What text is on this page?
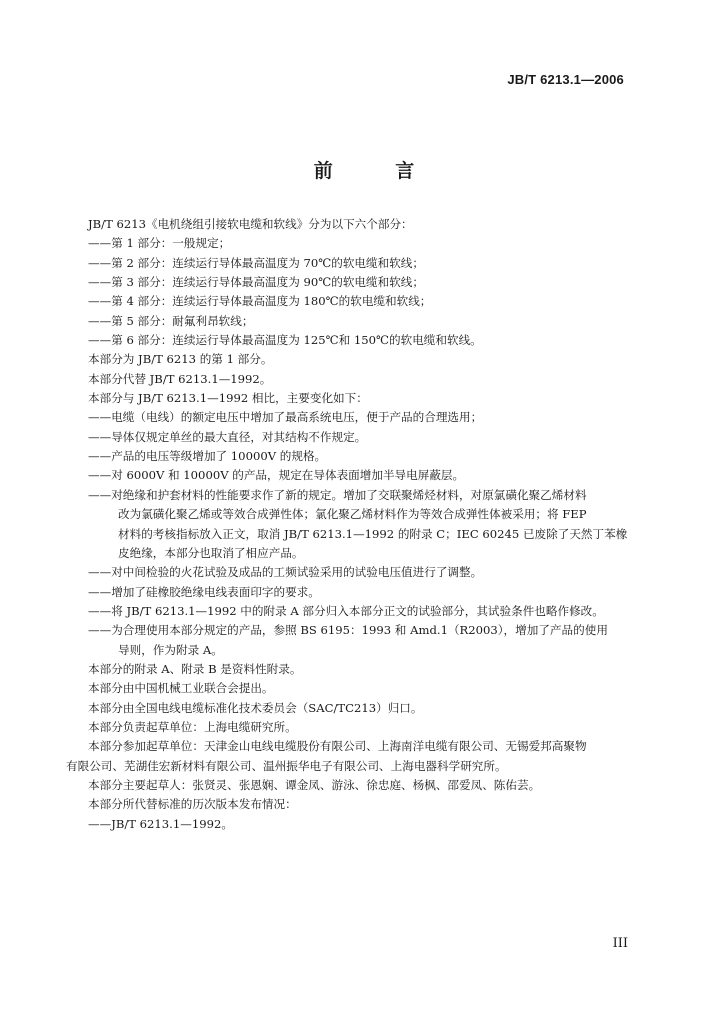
JB/T 6213.1—2006
前 言
JB/T 6213《电机绕组引接软电缆和软线》分为以下六个部分：
——第 1 部分：一般规定；
——第 2 部分：连续运行导体最高温度为 70℃的软电缆和软线；
——第 3 部分：连续运行导体最高温度为 90℃的软电缆和软线；
——第 4 部分：连续运行导体最高温度为 180℃的软电缆和软线；
——第 5 部分：耐氟利昂软线；
——第 6 部分：连续运行导体最高温度为 125℃和 150℃的软电缆和软线。
本部分为 JB/T 6213 的第 1 部分。
本部分代替 JB/T 6213.1—1992。
本部分与 JB/T 6213.1—1992 相比，主要变化如下：
——电缆（电线）的额定电压中增加了最高系统电压，便于产品的合理选用；
——导体仅规定单丝的最大直径，对其结构不作规定。
——产品的电压等级增加了 10000V 的规格。
——对 6000V 和 10000V 的产品，规定在导体表面增加半导电屏蔽层。
——对绝缘和护套材料的性能要求作了新的规定。增加了交联聚烯烃材料，对原氯磺化聚乙烯材料
改为氯磺化聚乙烯或等效合成弹性体；氯化聚乙烯材料作为等效合成弹性体被采用；将 FEP
材料的考核指标放入正文，取消 JB/T 6213.1—1992 的附录 C；IEC 60245 已废除了天然丁苯橡
皮绝缘，本部分也取消了相应产品。
——对中间检验的火花试验及成品的工频试验采用的试验电压值进行了调整。
——增加了硅橡胶绝缘电线表面印字的要求。
——将 JB/T 6213.1—1992 中的附录 A 部分归入本部分正文的试验部分，其试验条件也略作修改。
——为合理使用本部分规定的产品，参照 BS 6195：1993 和 Amd.1（R2003），增加了产品的使用
导则，作为附录 A。
本部分的附录 A、附录 B 是资料性附录。
本部分由中国机械工业联合会提出。
本部分由全国电线电缆标准化技术委员会（SAC/TC213）归口。
本部分负责起草单位：上海电缆研究所。
本部分参加起草单位：天津金山电线电缆股份有限公司、上海南洋电缆有限公司、无锡爱邦高聚物
有限公司、芜湖佳宏新材料有限公司、温州振华电子有限公司、上海电器科学研究所。
本部分主要起草人：张贤灵、张恩娴、谭金凤、游泳、徐忠庭、杨枫、邵爱凤、陈佑芸。
本部分所代替标准的历次版本发布情况：
——JB/T 6213.1—1992。
III
